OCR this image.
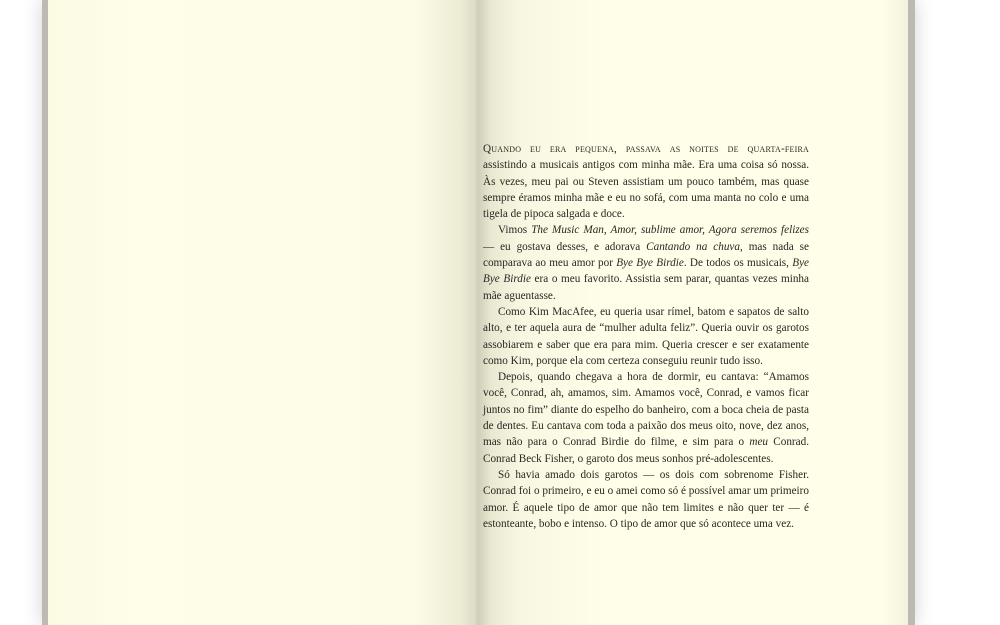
Quando eu era pequena, passava as noites de quarta-feira assistindo a musicais antigos com minha mãe. Era uma coisa só nossa. Às vezes, meu pai ou Steven assistiam um pouco também, mas quase sempre éramos minha mãe e eu no sofá, com uma manta no colo e uma tigela de pipoca salgada e doce.

Vimos The Music Man, Amor, sublime amor, Agora seremos felizes — eu gostava desses, e adorava Cantando na chuva, mas nada se comparava ao meu amor por Bye Bye Birdie. De todos os musicais, Bye Bye Birdie era o meu favorito. Assistia sem parar, quantas vezes minha mãe aguentasse.

Como Kim MacAfee, eu queria usar rímel, batom e sapatos de salto alto, e ter aquela aura de “mulher adulta feliz”. Queria ouvir os garotos assobiarem e saber que era para mim. Queria crescer e ser exatamente como Kim, porque ela com certeza conseguiu reunir tudo isso.

Depois, quando chegava a hora de dormir, eu cantava: “Amamos você, Conrad, ah, amamos, sim. Amamos você, Conrad, e vamos ficar juntos no fim” diante do espelho do banheiro, com a boca cheia de pasta de dentes. Eu cantava com toda a paixão dos meus oito, nove, dez anos, mas não para o Conrad Birdie do filme, e sim para o meu Conrad. Conrad Beck Fisher, o garoto dos meus sonhos pré-adolescentes.

Só havia amado dois garotos — os dois com sobrenome Fisher. Conrad foi o primeiro, e eu o amei como só é possível amar um primeiro amor. É aquele tipo de amor que não tem limites e não quer ter — é estonteante, bobo e intenso. O tipo de amor que só acontece uma vez.
